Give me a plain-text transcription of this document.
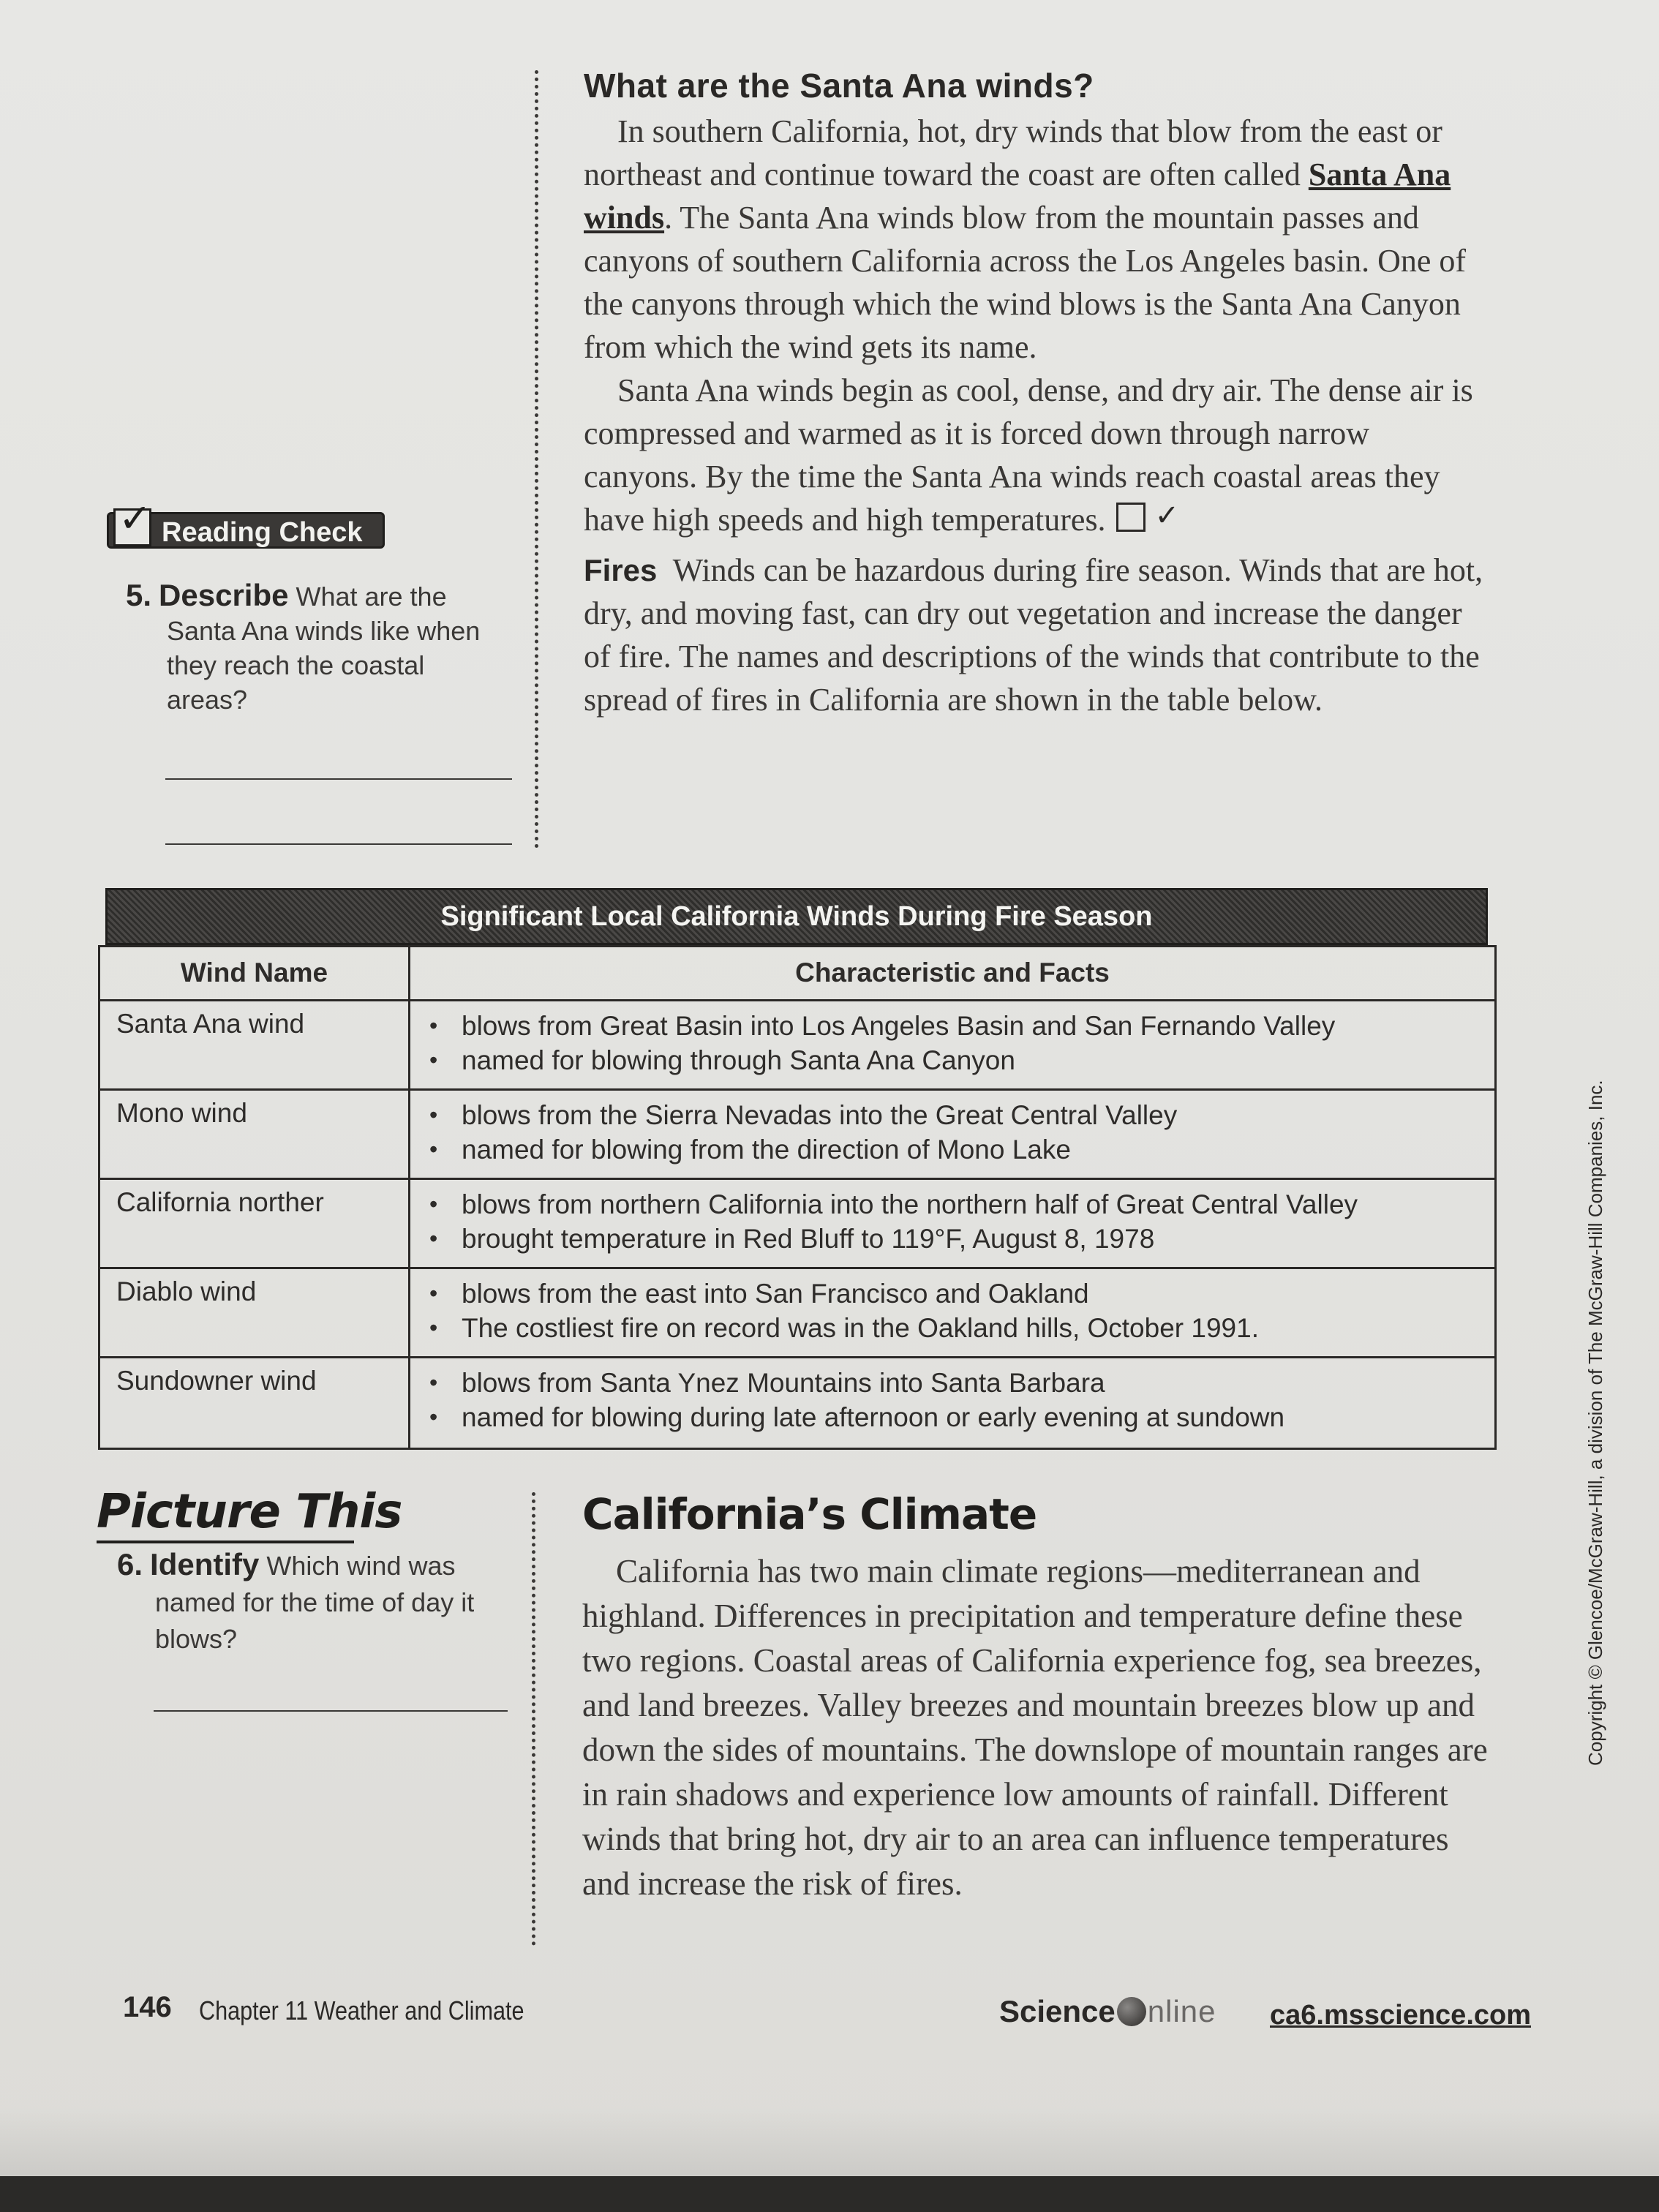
What are the Santa Ana winds?

In southern California, hot, dry winds that blow from the east or northeast and continue toward the coast are often called Santa Ana winds. The Santa Ana winds blow from the mountain passes and canyons of southern California across the Los Angeles basin. One of the canyons through which the wind blows is the Santa Ana Canyon from which the wind gets its name.

Santa Ana winds begin as cool, dense, and dry air. The dense air is compressed and warmed as it is forced down through narrow canyons. By the time the Santa Ana winds reach coastal areas they have high speeds and high temperatures.✓

Fires Winds can be hazardous during fire season. Winds that are hot, dry, and moving fast, can dry out vegetation and increase the danger of fire. The names and descriptions of the winds that contribute to the spread of fires in California are shown in the table below.

✓
Reading Check
5. Describe What are the Santa Ana winds like when they reach the coastal areas?
Significant Local California Winds During Fire Season
Wind Name	Characteristic and Facts
Santa Ana wind	• blows from Great Basin into Los Angeles Basin and San Fernando Valley
• named for blowing through Santa Ana Canyon
Mono wind	• blows from the Sierra Nevadas into the Great Central Valley
• named for blowing from the direction of Mono Lake
California norther	• blows from northern California into the northern half of Great Central Valley
• brought temperature in Red Bluff to 119°F, August 8, 1978
Diablo wind	• blows from the east into San Francisco and Oakland
• The costliest fire on record was in the Oakland hills, October 1991.
Sundowner wind	• blows from Santa Ynez Mountains into Santa Barbara
• named for blowing during late afternoon or early evening at sundown
Picture This
6. Identify Which wind was named for the time of day it blows?
California’s Climate

California has two main climate regions—mediterranean and highland. Differences in precipitation and temperature define these two regions. Coastal areas of California experience fog, sea breezes, and land breezes. Valley breezes and mountain breezes blow up and down the sides of mountains. The downslope of mountain ranges are in rain shadows and experience low amounts of rainfall. Different winds that bring hot, dry air to an area can influence temperatures and increase the risk of fires.

146 Chapter 11 Weather and Climate	Science nline ca6.msscience.com
Copyright © Glencoe/McGraw-Hill, a division of The McGraw-Hill Companies, Inc.
